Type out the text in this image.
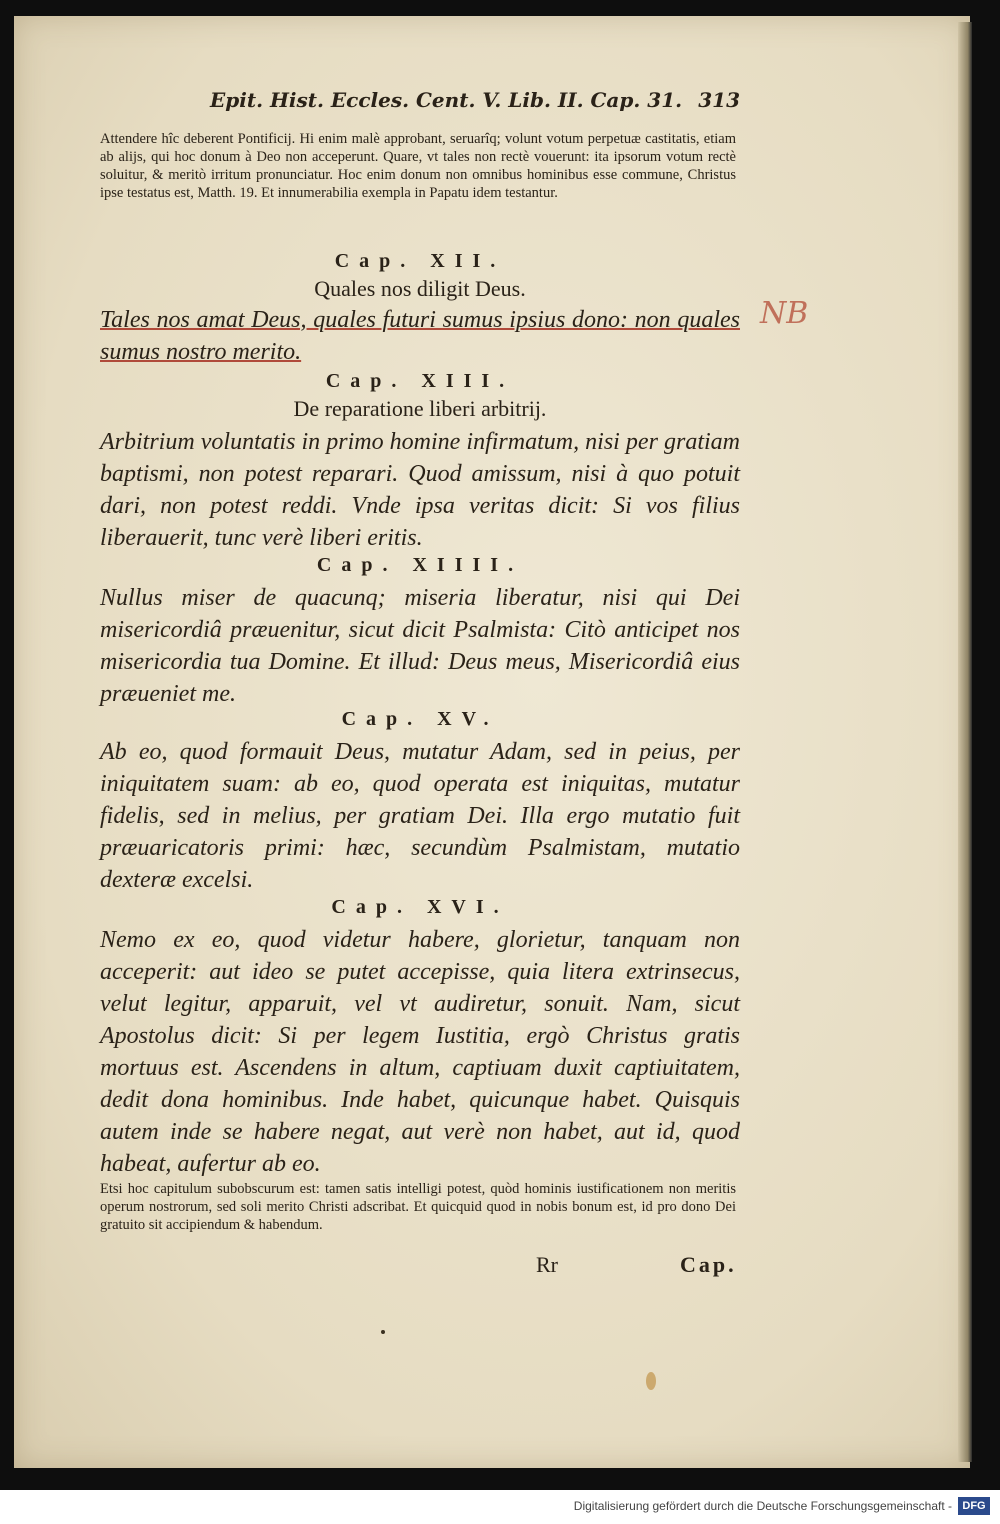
Epit. Hist. Eccles. Cent. V. Lib. II. Cap. 31. 313
NB

Attendere hîc deberent Pontificij. Hi enim malè approbant, seruarîq; volunt votum perpetuæ castitatis, etiam ab alijs, qui hoc donum à Deo non acceperunt. Quare, vt tales non rectè vouerunt: ita ipsorum votum rectè soluitur, & meritò irritum pronunciatur. Hoc enim donum non omnibus hominibus esse commune, Christus ipse testatus est, Matth. 19. Et innumerabilia exempla in Papatu idem testantur.

Cap. XII.
Quales nos diligit Deus.

Tales nos amat Deus, quales futuri sumus ipsius dono: non quales sumus nostro merito.

Cap. XIII.
De reparatione liberi arbitrij.

Arbitrium voluntatis in primo homine infirmatum, nisi per gratiam baptismi, non potest reparari. Quod amissum, nisi à quo potuit dari, non potest reddi. Vnde ipsa veritas dicit: Si vos filius liberauerit, tunc verè liberi eritis.

Cap. XIIII.

Nullus miser de quacunq; miseria liberatur, nisi qui Dei misericordiâ præuenitur, sicut dicit Psalmista: Citò anticipet nos misericordia tua Domine. Et illud: Deus meus, Misericordiâ eius præueniet me.

Cap. XV.

Ab eo, quod formauit Deus, mutatur Adam, sed in peius, per iniquitatem suam: ab eo, quod operata est iniquitas, mutatur fidelis, sed in melius, per gratiam Dei. Illa ergo mutatio fuit præuaricatoris primi: hæc, secundùm Psalmistam, mutatio dexteræ excelsi.

Cap. XVI.

Nemo ex eo, quod videtur habere, glorietur, tanquam non acceperit: aut ideo se putet accepisse, quia litera extrinsecus, velut legitur, apparuit, vel vt audiretur, sonuit. Nam, sicut Apostolus dicit: Si per legem Iustitia, ergò Christus gratis mortuus est. Ascendens in altum, captiuam duxit captiuitatem, dedit dona hominibus. Inde habet, quicunque habet. Quisquis autem inde se habere negat, aut verè non habet, aut id, quod habeat, aufertur ab eo.

Etsi hoc capitulum subobscurum est: tamen satis intelligi potest, quòd hominis iustificationem non meritis operum nostrorum, sed soli merito Christi adscribat. Et quicquid quod in nobis bonum est, id pro dono Dei gratuito sit accipiendum & habendum.

Rr	Cap.
Digitalisierung gefördert durch die Deutsche Forschungsgemeinschaft - DFG
